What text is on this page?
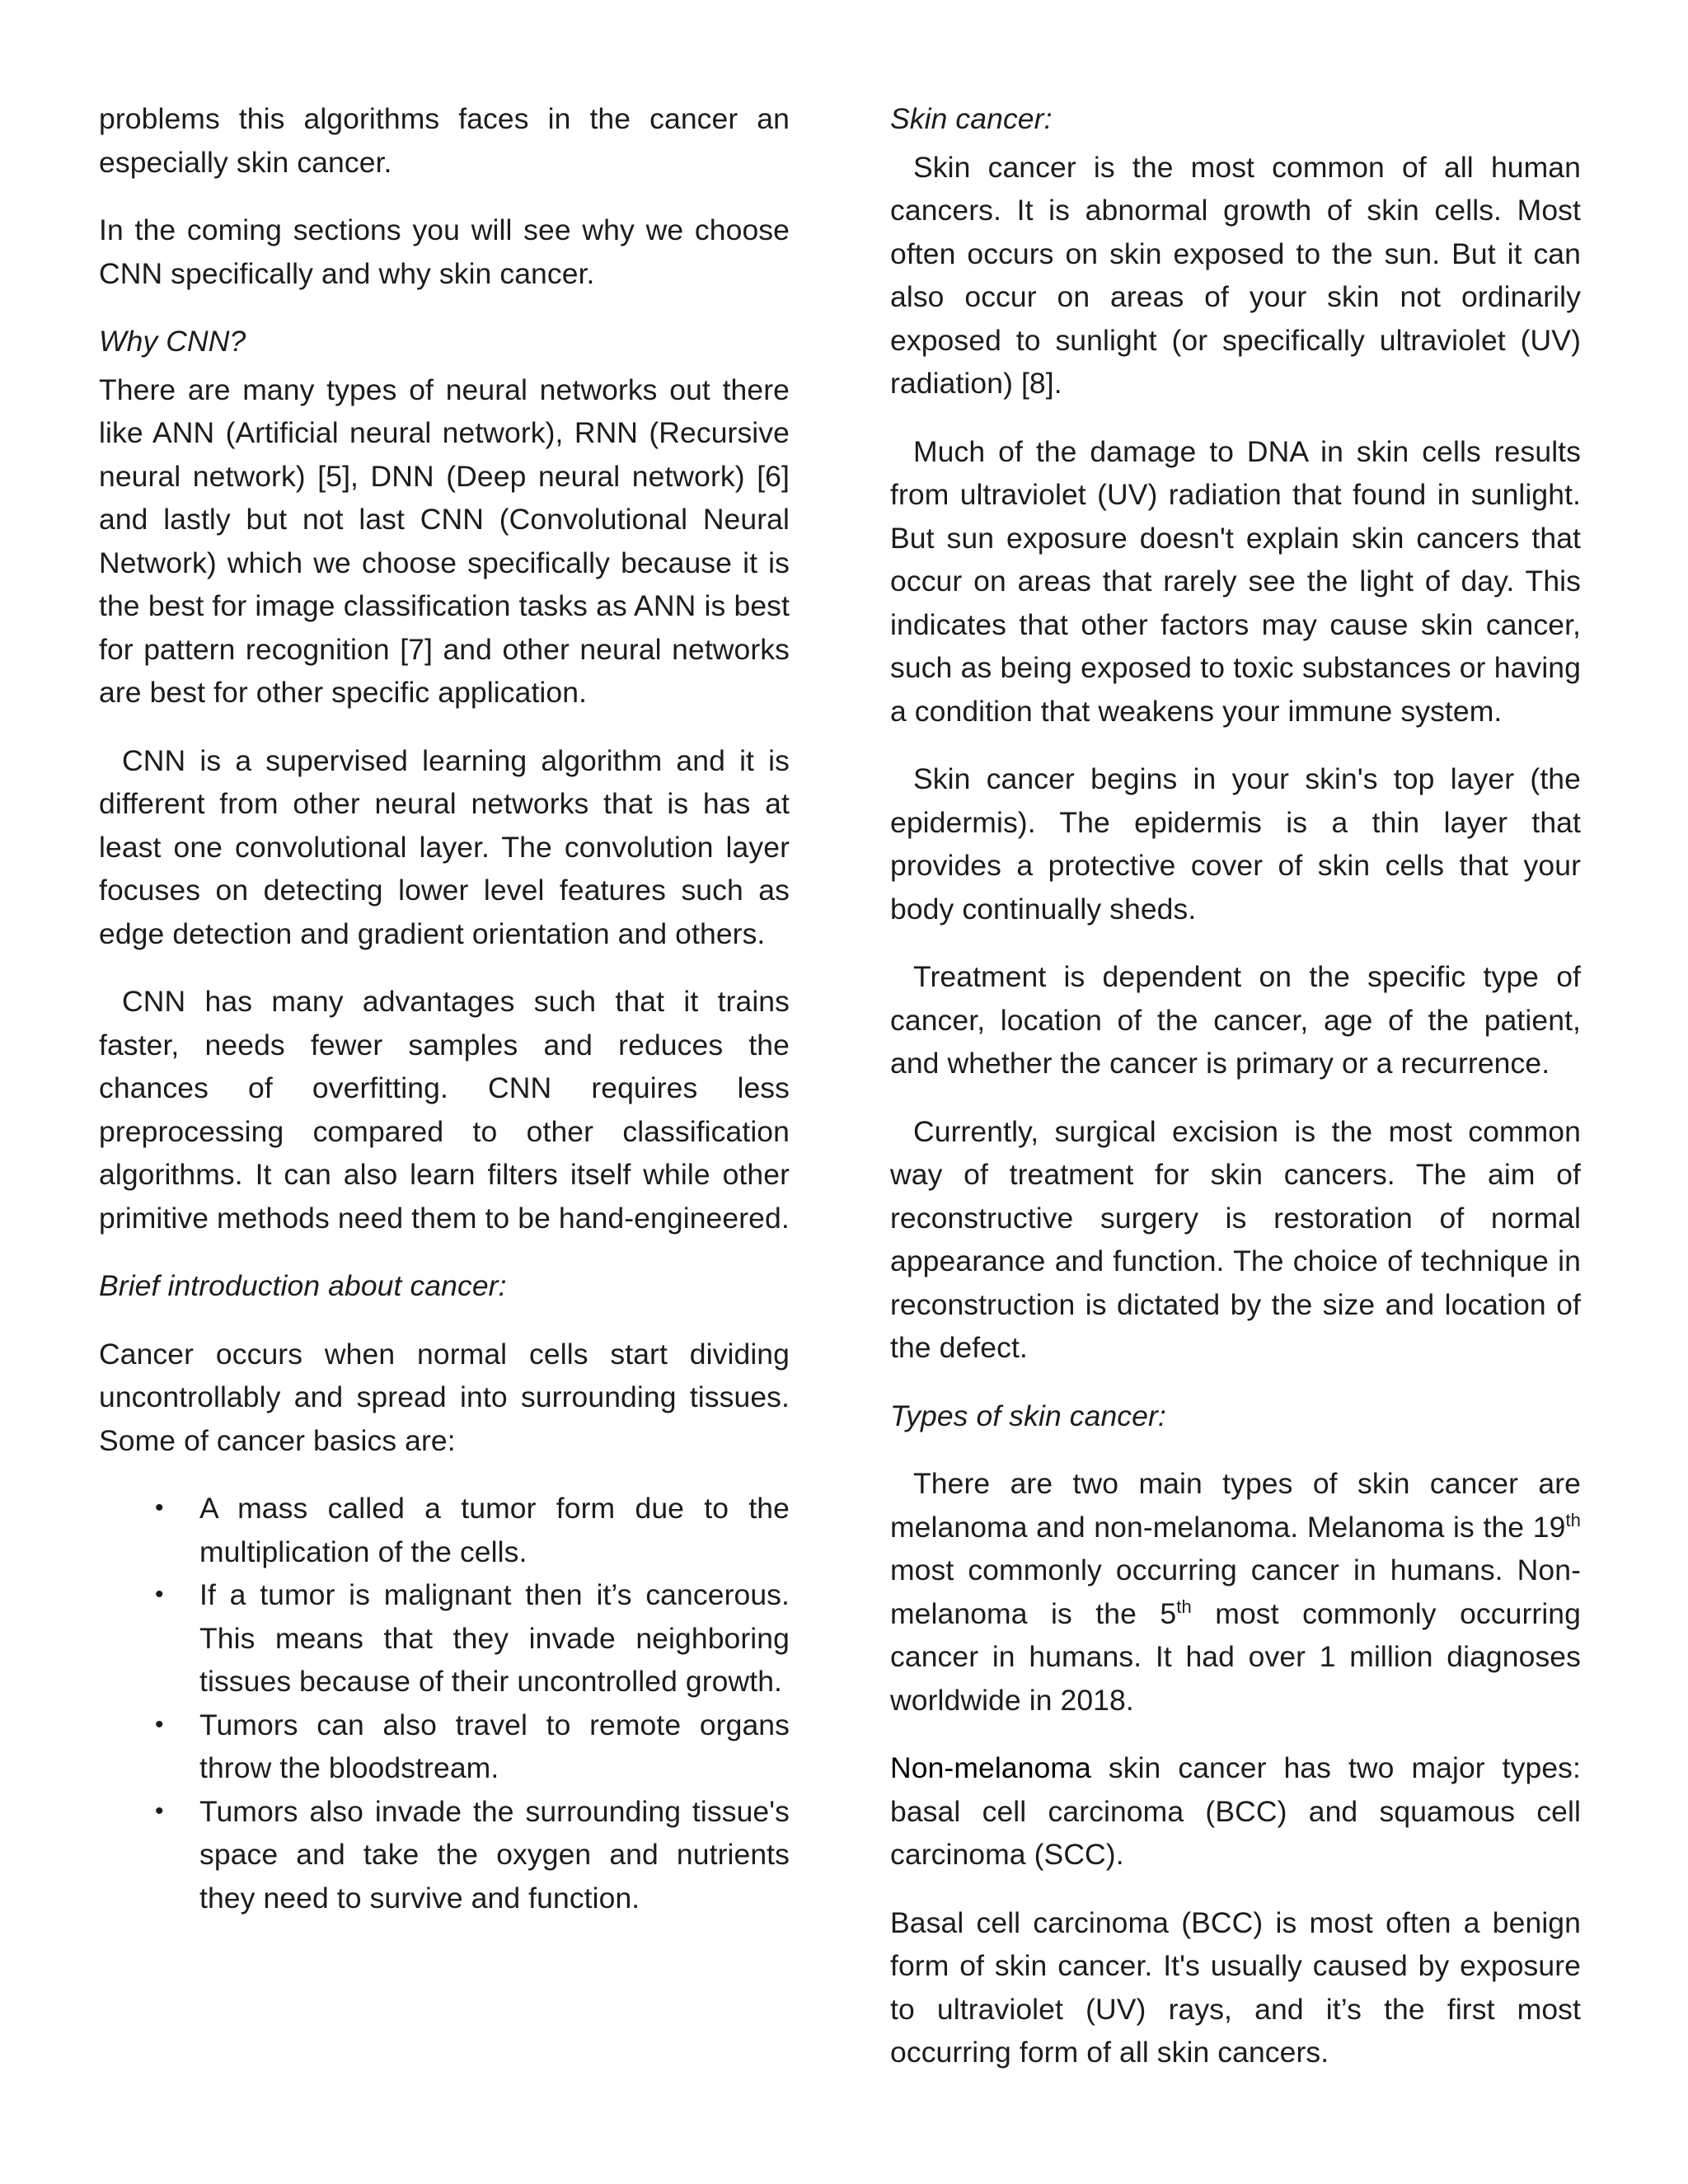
problems this algorithms faces in the cancer an especially skin cancer.

In the coming sections you will see why we choose CNN specifically and why skin cancer.

Why CNN?

There are many types of neural networks out there like ANN (Artificial neural network), RNN (Recursive neural network) [5], DNN (Deep neural network) [6] and lastly but not last CNN (Convolutional Neural Network) which we choose specifically because it is the best for image classification tasks as ANN is best for pattern recognition [7] and other neural networks are best for other specific application.

CNN is a supervised learning algorithm and it is different from other neural networks that is has at least one convolutional layer. The convolution layer focuses on detecting lower level features such as edge detection and gradient orientation and others.

CNN has many advantages such that it trains faster, needs fewer samples and reduces the chances of overfitting. CNN requires less preprocessing compared to other classification algorithms. It can also learn filters itself while other primitive methods need them to be hand-engineered.

Brief introduction about cancer:

Cancer occurs when normal cells start dividing uncontrollably and spread into surrounding tissues. Some of cancer basics are:

• A mass called a tumor form due to the multiplication of the cells.
• If a tumor is malignant then it’s cancerous. This means that they invade neighboring tissues because of their uncontrolled growth.
• Tumors can also travel to remote organs throw the bloodstream.
• Tumors also invade the surrounding tissue's space and take the oxygen and nutrients they need to survive and function.
Skin cancer:

Skin cancer is the most common of all human cancers. It is abnormal growth of skin cells. Most often occurs on skin exposed to the sun. But it can also occur on areas of your skin not ordinarily exposed to sunlight (or specifically ultraviolet (UV) radiation) [8].

Much of the damage to DNA in skin cells results from ultraviolet (UV) radiation that found in sunlight. But sun exposure doesn't explain skin cancers that occur on areas that rarely see the light of day. This indicates that other factors may cause skin cancer, such as being exposed to toxic substances or having a condition that weakens your immune system.

Skin cancer begins in your skin's top layer (the epidermis). The epidermis is a thin layer that provides a protective cover of skin cells that your body continually sheds.

Treatment is dependent on the specific type of cancer, location of the cancer, age of the patient, and whether the cancer is primary or a recurrence.

Currently, surgical excision is the most common way of treatment for skin cancers. The aim of reconstructive surgery is restoration of normal appearance and function. The choice of technique in reconstruction is dictated by the size and location of the defect.

Types of skin cancer:

There are two main types of skin cancer are melanoma and non-melanoma. Melanoma is the 19th most commonly occurring cancer in humans. Non- melanoma is the 5th most commonly occurring cancer in humans. It had over 1 million diagnoses worldwide in 2018.

Non-melanoma skin cancer has two major types: basal cell carcinoma (BCC) and squamous cell carcinoma (SCC).

Basal cell carcinoma (BCC) is most often a benign form of skin cancer. It's usually caused by exposure to ultraviolet (UV) rays, and it’s the first most occurring form of all skin cancers.
